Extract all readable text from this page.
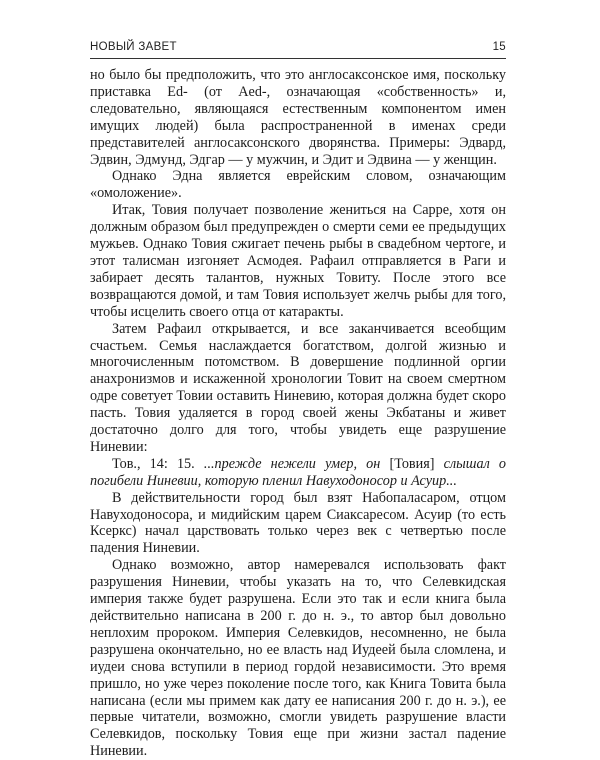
НОВЫЙ ЗАВЕТ	15

но было бы предположить, что это англосаксонское имя, поскольку приставка Ed- (от Aed-, означающая «собственность» и, следовательно, являющаяся естественным компонентом имен имущих людей) была распространенной в именах среди представителей англосаксонского дворянства. Примеры: Эдвард, Эдвин, Эдмунд, Эдгар — у мужчин, и Эдит и Эдвина — у женщин.

Однако Эдна является еврейским словом, означающим «омоложение».

Итак, Товия получает позволение жениться на Сарре, хотя он должным образом был предупрежден о смерти семи ее предыдущих мужьев. Однако Товия сжигает печень рыбы в свадебном чертоге, и этот талисман изгоняет Асмодея. Рафаил отправляется в Раги и забирает десять талантов, нужных Товиту. После этого все возвращаются домой, и там Товия использует желчь рыбы для того, чтобы исцелить своего отца от катаракты.

Затем Рафаил открывается, и все заканчивается всеобщим счастьем. Семья наслаждается богатством, долгой жизнью и многочисленным потомством. В довершение подлинной оргии анахронизмов и искаженной хронологии Товит на своем смертном одре советует Товии оставить Ниневию, которая должна будет скоро пасть. Товия удаляется в город своей жены Экбатаны и живет достаточно долго для того, чтобы увидеть еще разрушение Ниневии:

Тов., 14: 15. ...прежде нежели умер, он [Товия] слышал о погибели Ниневии, которую пленил Навуходоносор и Асуир...

В действительности город был взят Набопаласаром, отцом Навуходоносора, и мидийским царем Сиаксаресом. Асуир (то есть Ксеркс) начал царствовать только через век с четвертью после падения Ниневии.

Однако возможно, автор намеревался использовать факт разрушения Ниневии, чтобы указать на то, что Селевкидская империя также будет разрушена. Если это так и если книга была действительно написана в 200 г. до н. э., то автор был довольно неплохим пророком. Империя Селевкидов, несомненно, не была разрушена окончательно, но ее власть над Иудеей была сломлена, и иудеи снова вступили в период гордой независимости. Это время пришло, но уже через поколение после того, как Книга Товита была написана (если мы примем как дату ее написания 200 г. до н. э.), ее первые читатели, возможно, смогли увидеть разрушение власти Селевкидов, поскольку Товия еще при жизни застал падение Ниневии.
